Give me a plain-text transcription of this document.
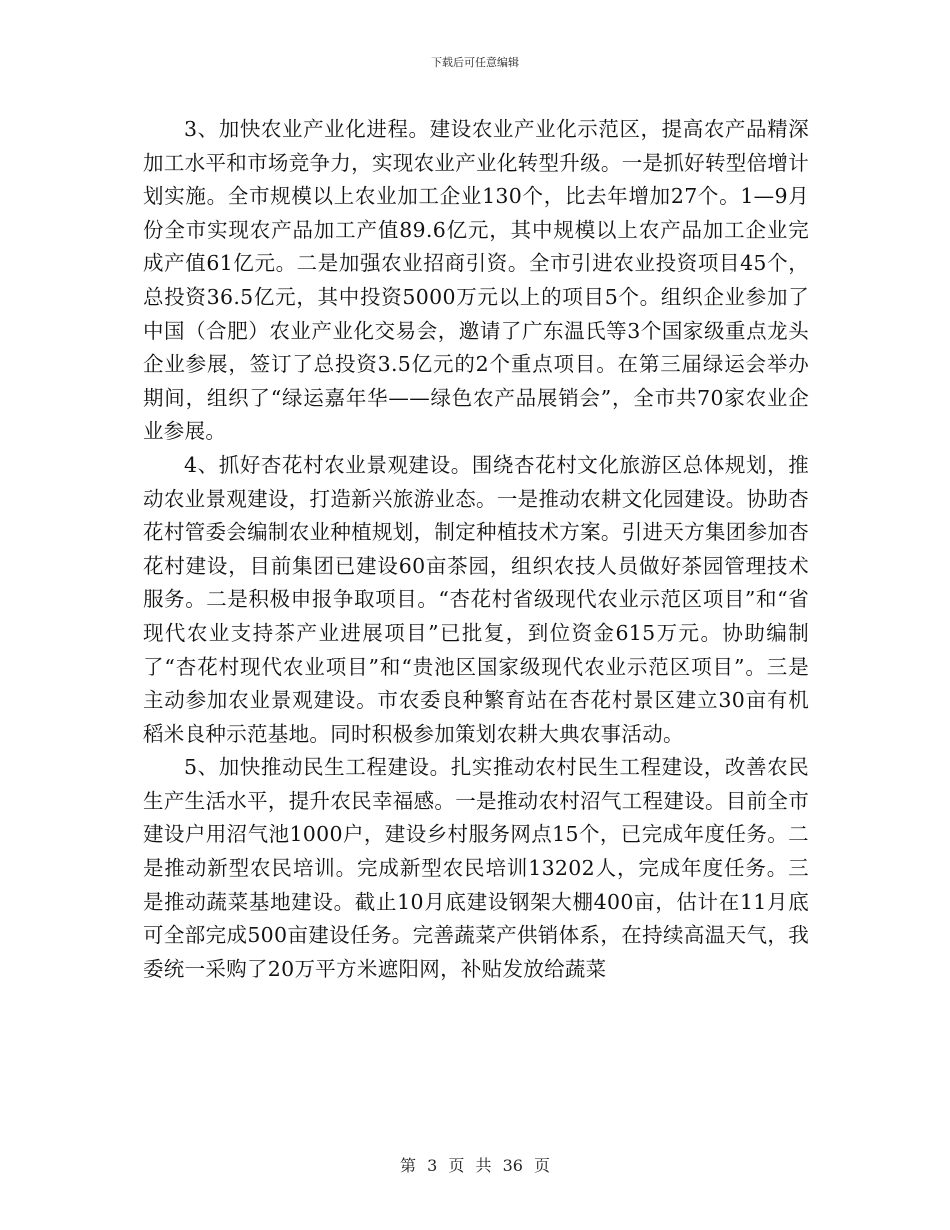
下载后可任意编辑

3、加快农业产业化进程。建设农业产业化示范区，提高农产品精深加工水平和市场竞争力，实现农业产业化转型升级。一是抓好转型倍增计划实施。全市规模以上农业加工企业130个，比去年增加27个。1—9月份全市实现农产品加工产值89.6亿元，其中规模以上农产品加工企业完成产值61亿元。二是加强农业招商引资。全市引进农业投资项目45个，总投资36.5亿元，其中投资5000万元以上的项目5个。组织企业参加了中国（合肥）农业产业化交易会，邀请了广东温氏等3个国家级重点龙头企业参展，签订了总投资3.5亿元的2个重点项目。在第三届绿运会举办期间，组织了“绿运嘉年华——绿色农产品展销会”，全市共70家农业企业参展。

4、抓好杏花村农业景观建设。围绕杏花村文化旅游区总体规划，推动农业景观建设，打造新兴旅游业态。一是推动农耕文化园建设。协助杏花村管委会编制农业种植规划，制定种植技术方案。引进天方集团参加杏花村建设，目前集团已建设60亩茶园，组织农技人员做好茶园管理技术服务。二是积极申报争取项目。“杏花村省级现代农业示范区项目”和“省现代农业支持茶产业进展项目”已批复，到位资金615万元。协助编制了“杏花村现代农业项目”和“贵池区国家级现代农业示范区项目”。三是主动参加农业景观建设。市农委良种繁育站在杏花村景区建立30亩有机稻米良种示范基地。同时积极参加策划农耕大典农事活动。

5、加快推动民生工程建设。扎实推动农村民生工程建设，改善农民生产生活水平，提升农民幸福感。一是推动农村沼气工程建设。目前全市建设户用沼气池1000户，建设乡村服务网点15个，已完成年度任务。二是推动新型农民培训。完成新型农民培训13202人，完成年度任务。三是推动蔬菜基地建设。截止10月底建设钢架大棚400亩，估计在11月底可全部完成500亩建设任务。完善蔬菜产供销体系，在持续高温天气，我委统一采购了20万平方米遮阳网，补贴发放给蔬菜

第 3 页 共 36 页
